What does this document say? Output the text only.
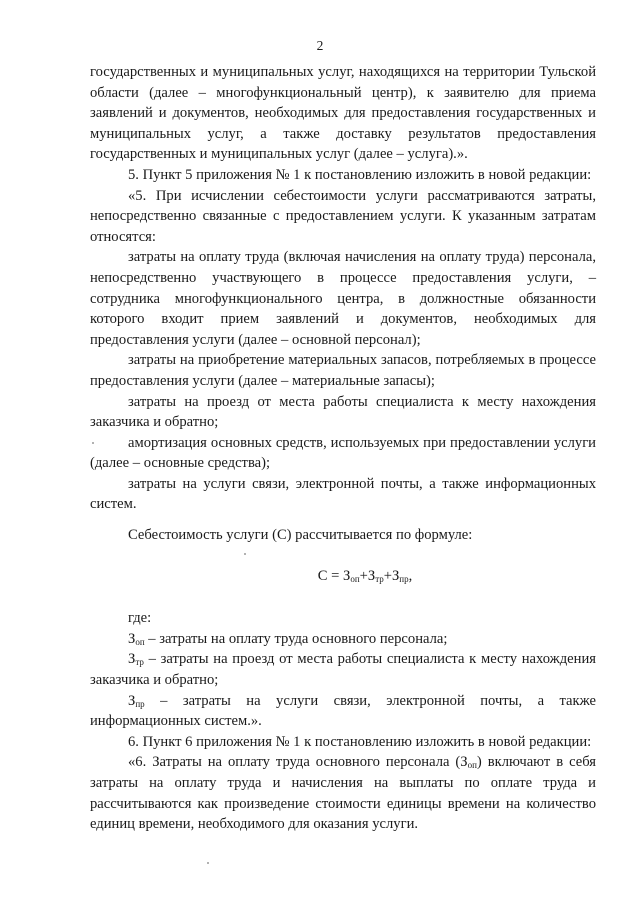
2

государственных и муниципальных услуг, находящихся на территории Тульской области (далее – многофункциональный центр), к заявителю для приема заявлений и документов, необходимых для предоставления государственных и муниципальных услуг, а также доставку результатов предоставления государственных и муниципальных услуг (далее – услуга).».

5. Пункт 5 приложения № 1 к постановлению изложить в новой редакции:

«5. При исчислении себестоимости услуги рассматриваются затраты, непосредственно связанные с предоставлением услуги. К указанным затратам относятся:

затраты на оплату труда (включая начисления на оплату труда) персонала, непосредственно участвующего в процессе предоставления услуги, – сотрудника многофункционального центра, в должностные обязанности которого входит прием заявлений и документов, необходимых для предоставления услуги (далее – основной персонал);

затраты на приобретение материальных запасов, потребляемых в процессе предоставления услуги (далее – материальные запасы);

затраты на проезд от места работы специалиста к месту нахождения заказчика и обратно;

амортизация основных средств, используемых при предоставлении услуги (далее – основные средства);

затраты на услуги связи, электронной почты, а также информационных систем.

Себестоимость услуги (С) рассчитывается по формуле:

$С = З_{оп}+З_{тр}+З_{пр}$,

где:

$З_{оп}$ – затраты на оплату труда основного персонала;

$З_{тр}$ – затраты на проезд от места работы специалиста к месту нахождения заказчика и обратно;

$З_{пр}$ – затраты на услуги связи, электронной почты, а также информационных систем.».

6. Пункт 6 приложения № 1 к постановлению изложить в новой редакции:

«6. Затраты на оплату труда основного персонала $(З_{оп})$ включают в себя затраты на оплату труда и начисления на выплаты по оплате труда и рассчитываются как произведение стоимости единицы времени на количество единиц времени, необходимого для оказания услуги.
